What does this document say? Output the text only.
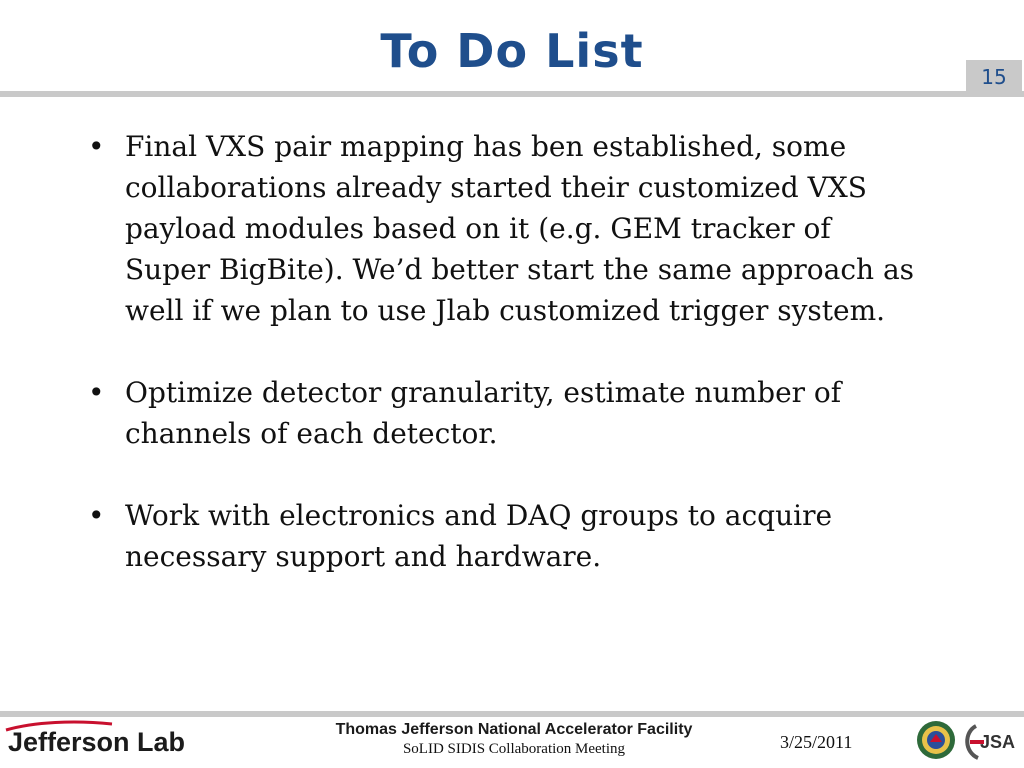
To Do List	15
• Final VXS pair mapping has ben established, some collaborations already started their customized VXS payload modules based on it (e.g. GEM tracker of Super BigBite). We’d better start the same approach as well if we plan to use Jlab customized trigger system.
• Optimize detector granularity, estimate number of channels of each detector.
• Work with electronics and DAQ groups to acquire necessary support and hardware.
Jefferson Lab	Thomas Jefferson National Accelerator Facility
SoLID SIDIS Collaboration Meeting	3/25/2011	JSA
